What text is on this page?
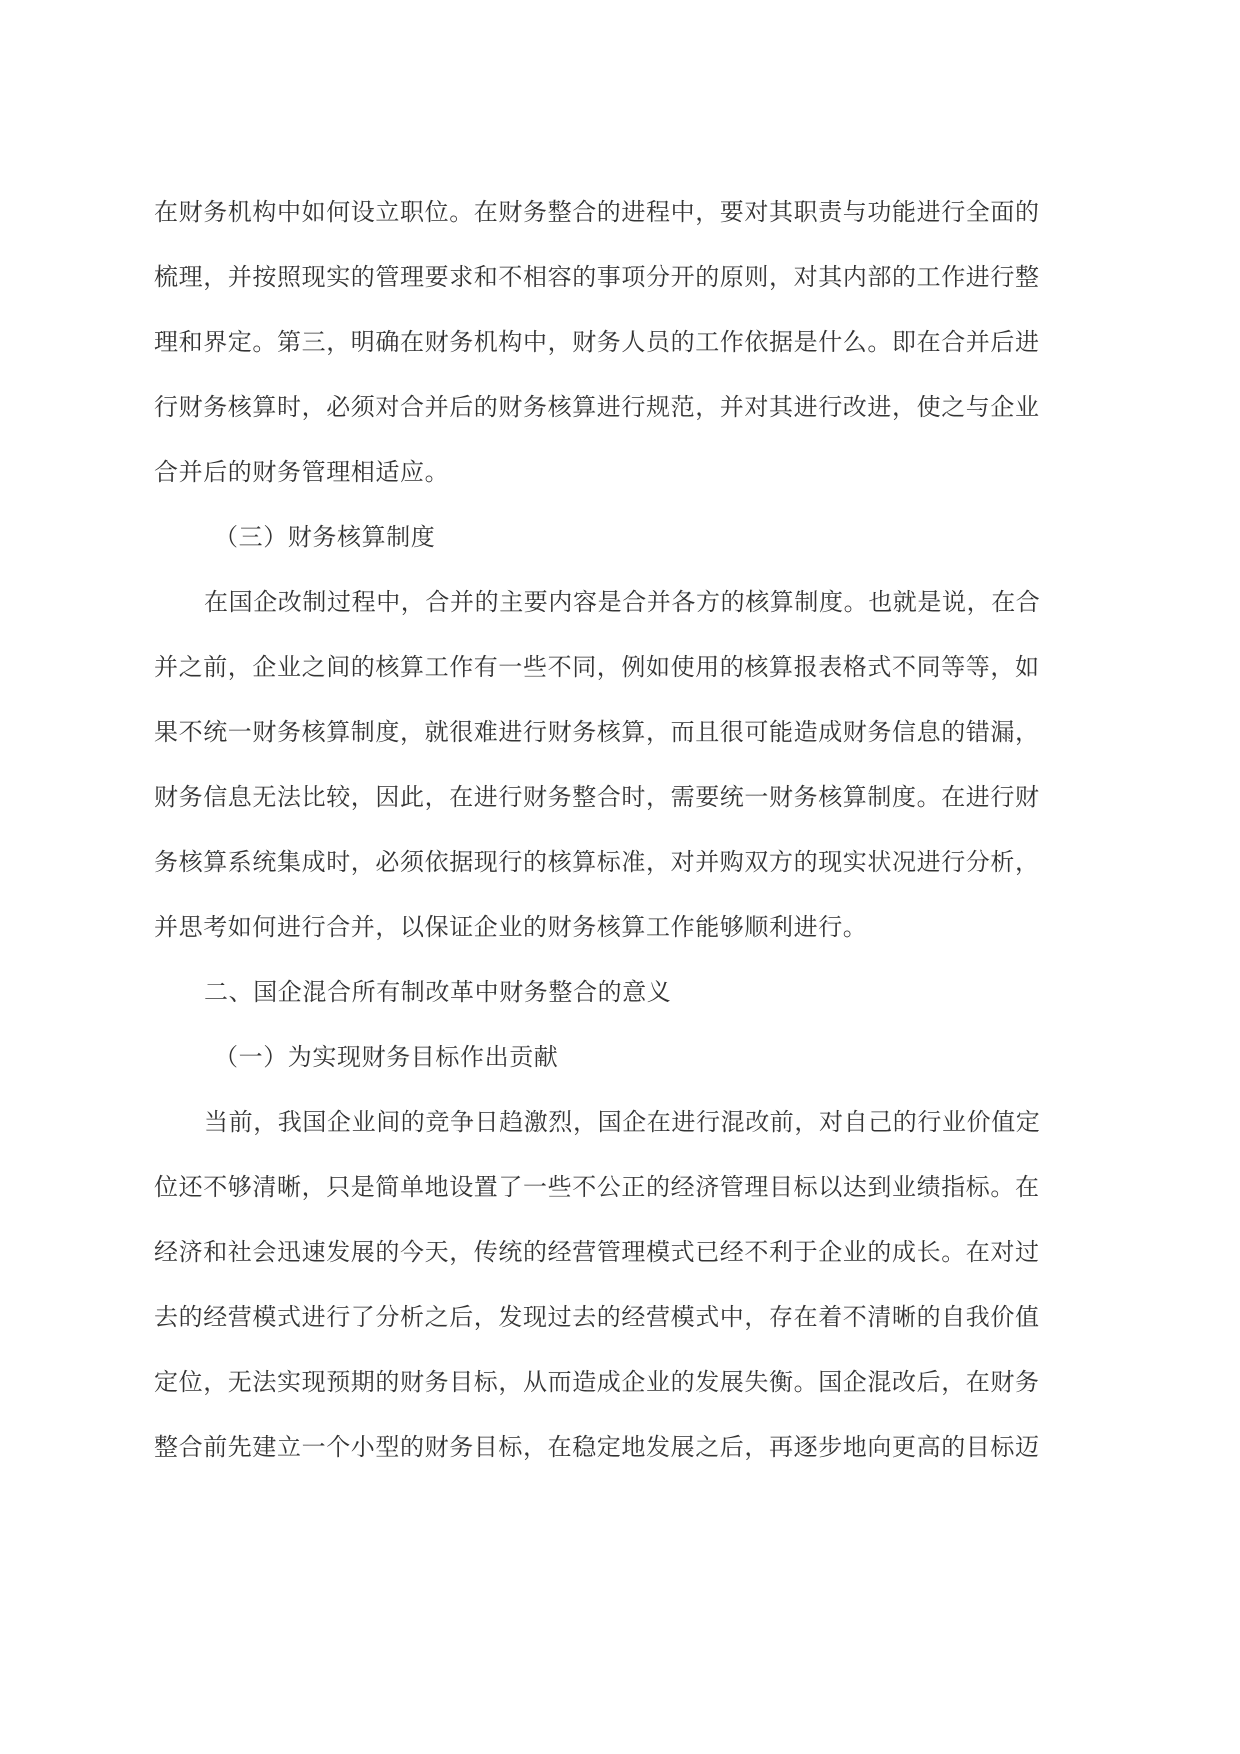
在财务机构中如何设立职位。在财务整合的进程中，要对其职责与功能进行全面的
梳理，并按照现实的管理要求和不相容的事项分开的原则，对其内部的工作进行整
理和界定。第三，明确在财务机构中，财务人员的工作依据是什么。即在合并后进
行财务核算时，必须对合并后的财务核算进行规范，并对其进行改进，使之与企业
合并后的财务管理相适应。
（三）财务核算制度
在国企改制过程中，合并的主要内容是合并各方的核算制度。也就是说，在合
并之前，企业之间的核算工作有一些不同，例如使用的核算报表格式不同等等，如
果不统一财务核算制度，就很难进行财务核算，而且很可能造成财务信息的错漏，
财务信息无法比较，因此，在进行财务整合时，需要统一财务核算制度。在进行财
务核算系统集成时，必须依据现行的核算标准，对并购双方的现实状况进行分析，
并思考如何进行合并，以保证企业的财务核算工作能够顺利进行。
二、国企混合所有制改革中财务整合的意义
（一）为实现财务目标作出贡献
当前，我国企业间的竞争日趋激烈，国企在进行混改前，对自己的行业价值定
位还不够清晰，只是简单地设置了一些不公正的经济管理目标以达到业绩指标。在
经济和社会迅速发展的今天，传统的经营管理模式已经不利于企业的成长。在对过
去的经营模式进行了分析之后，发现过去的经营模式中，存在着不清晰的自我价值
定位，无法实现预期的财务目标，从而造成企业的发展失衡。国企混改后，在财务
整合前先建立一个小型的财务目标，在稳定地发展之后，再逐步地向更高的目标迈
